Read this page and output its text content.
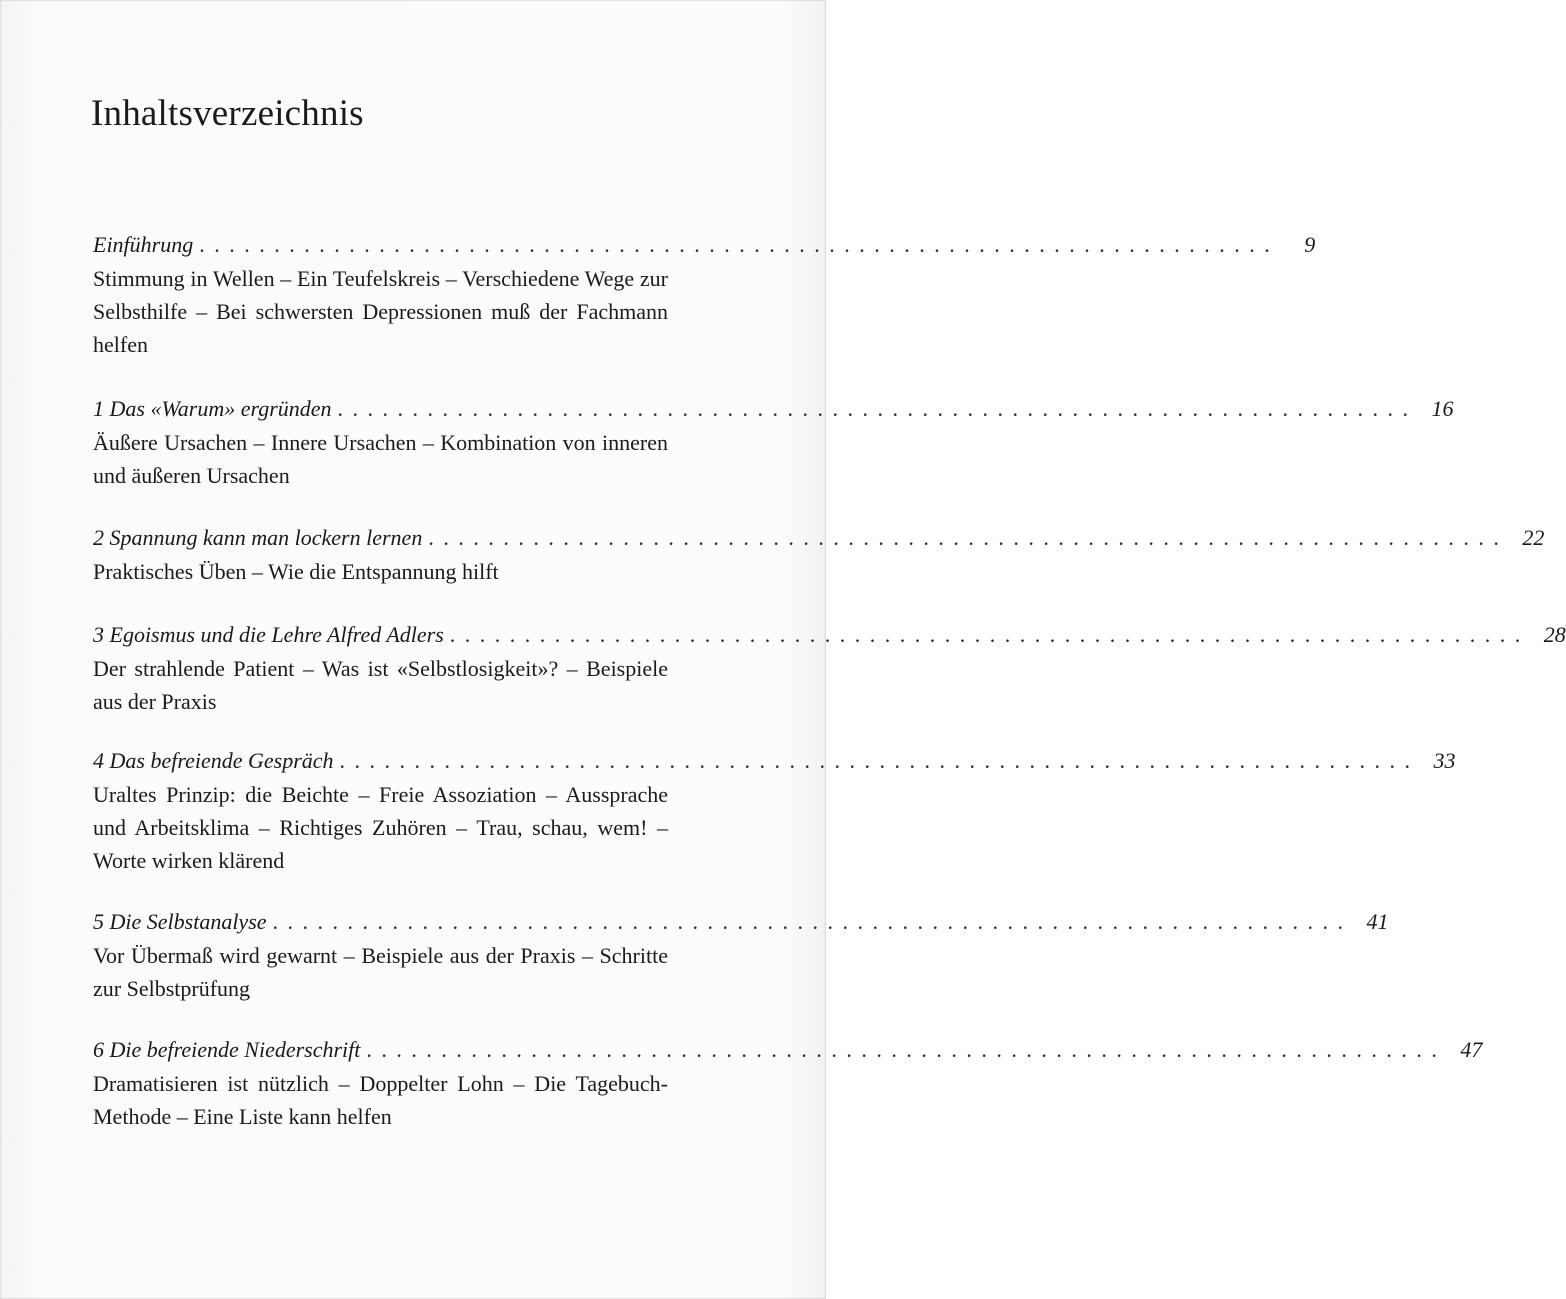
Inhaltsverzeichnis
Einführung ........................................................................	9

Stimmung in Wellen – Ein Teufelskreis – Verschiedene Wege zur Selbsthilfe – Bei schwersten Depressionen muß der Fachmann helfen

1 Das «Warum» ergründen ........................................................................ 16

Äußere Ursachen – Innere Ursachen – Kombination von inneren und äußeren Ursachen

2 Spannung kann man lockern lernen ........................................................................ 22

Praktisches Üben – Wie die Entspannung hilft

3 Egoismus und die Lehre Alfred Adlers ........................................................................ 28

Der strahlende Patient – Was ist «Selbstlosigkeit»? – Beispiele aus der Praxis

4 Das befreiende Gespräch ........................................................................ 33

Uraltes Prinzip: die Beichte – Freie Assoziation – Aussprache und Arbeitsklima – Richtiges Zuhören – Trau, schau, wem! – Worte wirken klärend

5 Die Selbstanalyse ........................................................................ 41

Vor Übermaß wird gewarnt – Beispiele aus der Praxis – Schritte zur Selbstprüfung

6 Die befreiende Niederschrift ........................................................................ 47

Dramatisieren ist nützlich – Doppelter Lohn – Die Tagebuch-Methode – Eine Liste kann helfen
